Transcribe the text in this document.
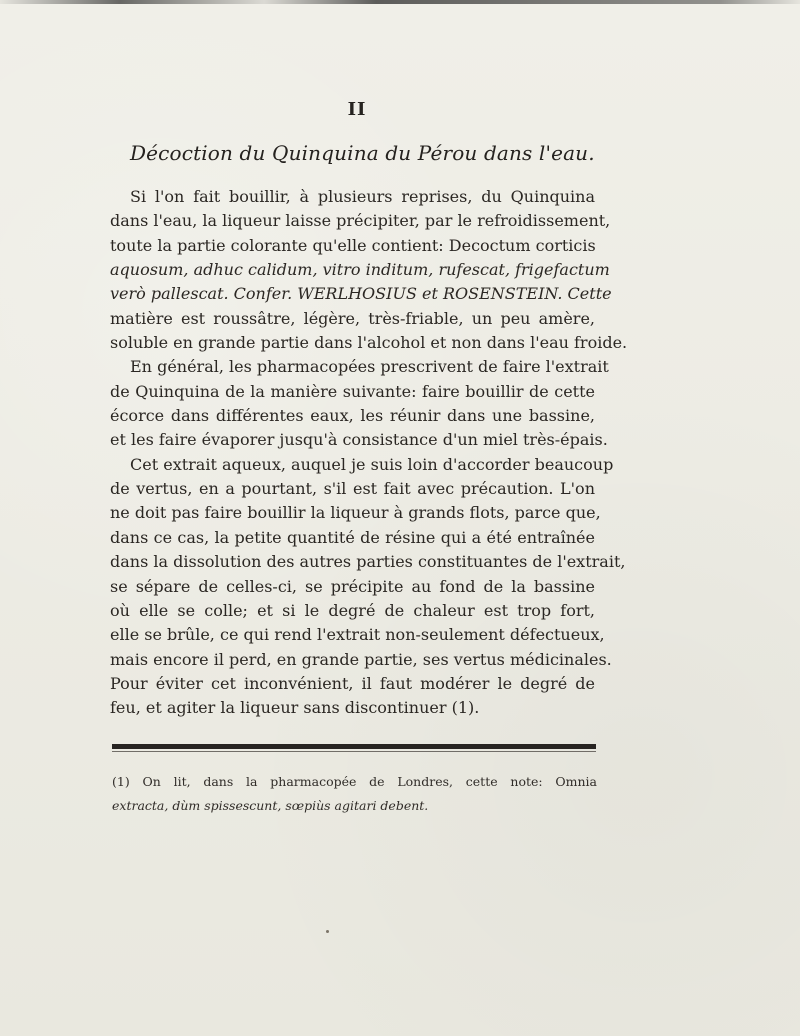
II
Décoction du Quinquina du Pérou dans l'eau.
Si l'on fait bouillir, à plusieurs reprises, du Quinquina
dans l'eau, la liqueur laisse précipiter, par le refroidissement,
toute la partie colorante qu'elle contient: Decoctum corticis
aquosum, adhuc calidum, vitro inditum, rufescat, frigefactum
verò pallescat. Confer. WERLHOSIUS et ROSENSTEIN. Cette
matière est roussâtre, légère, très-friable, un peu amère,
soluble en grande partie dans l'alcohol et non dans l'eau froide.
En général, les pharmacopées prescrivent de faire l'extrait
de Quinquina de la manière suivante: faire bouillir de cette
écorce dans différentes eaux, les réunir dans une bassine,
et les faire évaporer jusqu'à consistance d'un miel très-épais.
Cet extrait aqueux, auquel je suis loin d'accorder beaucoup
de vertus, en a pourtant, s'il est fait avec précaution. L'on
ne doit pas faire bouillir la liqueur à grands flots, parce que,
dans ce cas, la petite quantité de résine qui a été entraînée
dans la dissolution des autres parties constituantes de l'extrait,
se sépare de celles-ci, se précipite au fond de la bassine
où elle se colle; et si le degré de chaleur est trop fort,
elle se brûle, ce qui rend l'extrait non-seulement défectueux,
mais encore il perd, en grande partie, ses vertus médicinales.
Pour éviter cet inconvénient, il faut modérer le degré de
feu, et agiter la liqueur sans discontinuer (1).
(1) On lit, dans la pharmacopée de Londres, cette note: Omnia
extracta, dùm spissescunt, sœpiùs agitari debent.
